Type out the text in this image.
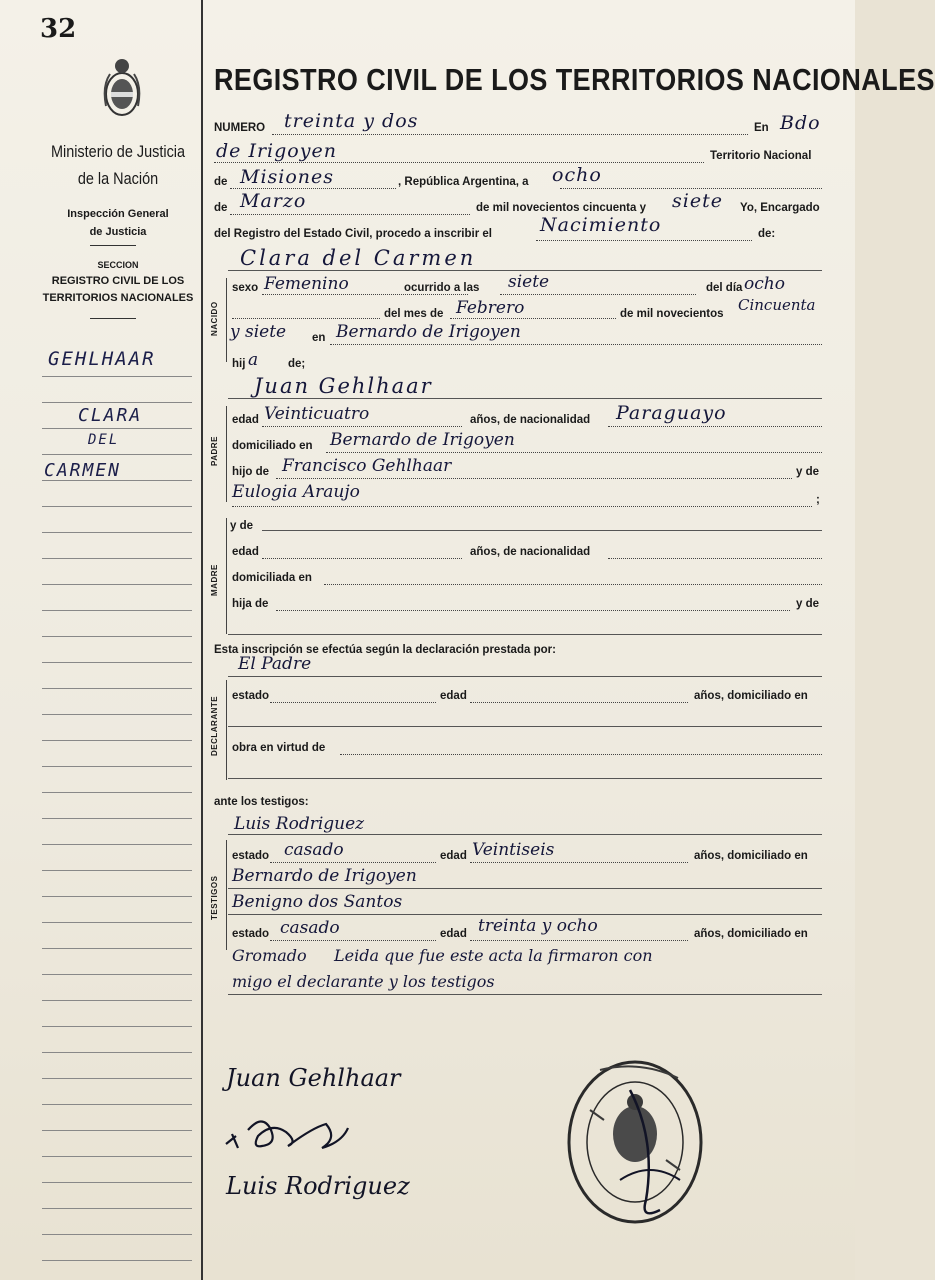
32
Ministerio de Justicia
de la Nación
Inspección General
de Justicia
SECCION
REGISTRO CIVIL DE LOS
TERRITORIOS NACIONALES
GEHLHAAR
CLARA
DEL
CARMEN
REGISTRO CIVIL DE LOS TERRITORIOS NACIONALES
NUMERO treinta y dos	En Bdo
de Irigoyen	Territorio Nacional
de Misiones	, República Argentina, a ocho
de Marzo	de mil novecientos cincuenta y siete Yo, Encargado
del Registro del Estado Civil, procedo a inscribir el	Nacimiento	de:
Clara del Carmen
NACIDO
sexo Femenino	ocurrido a las siete	del día ocho
del mes de Febrero	de mil novecientos Cincuenta
y siete en Bernardo de Irigoyen
hij a	de;
Juan Gehlhaar
PADRE
edad Veinticuatro	años, de nacionalidad Paraguayo
domiciliado en Bernardo de Irigoyen
hijo de Francisco Gehlhaar	y de
Eulogia Araujo	;
MADRE
y de
edad	años, de nacionalidad
domiciliada en
hija de	y de
Esta inscripción se efectúa según la declaración prestada por:
El Padre
DECLARANTE estado	edad	años, domiciliado en
obra en virtud de
ante los testigos:
Luis Rodriguez
TESTIGOS
estado casado	edad Veintiseis	años, domiciliado en
Bernardo de Irigoyen
Benigno dos Santos
estado casado	edad treinta y ocho	años, domiciliado en
Gromado Leida que fue este acta la firmaron con
migo el declarante y los testigos
Juan Gehlhaar
Luis Rodriguez
